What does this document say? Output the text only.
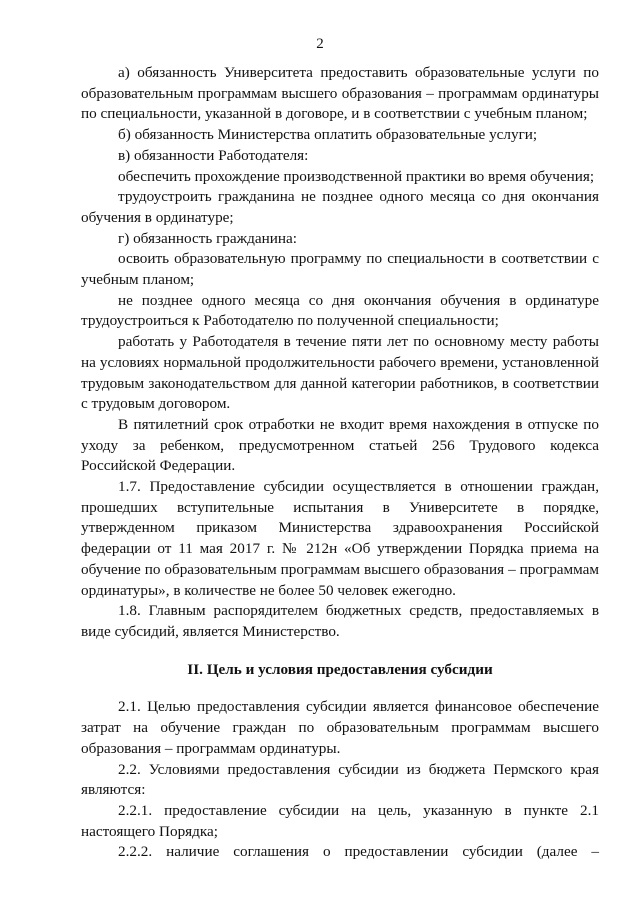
2

а) обязанность Университета предоставить образовательные услуги по образовательным программам высшего образования – программам ординатуры по специальности, указанной в договоре, и в соответствии с учебным планом;

б) обязанность Министерства оплатить образовательные услуги;

в) обязанности Работодателя:

обеспечить прохождение производственной практики во время обучения;

трудоустроить гражданина не позднее одного месяца со дня окончания обучения в ординатуре;

г) обязанность гражданина:

освоить образовательную программу по специальности в соответствии с учебным планом;

не позднее одного месяца со дня окончания обучения в ординатуре трудоустроиться к Работодателю по полученной специальности;

работать у Работодателя в течение пяти лет по основному месту работы на условиях нормальной продолжительности рабочего времени, установленной трудовым законодательством для данной категории работников, в соответствии с трудовым договором.

В пятилетний срок отработки не входит время нахождения в отпуске по уходу за ребенком, предусмотренном статьей 256 Трудового кодекса Российской Федерации.

1.7. Предоставление субсидии осуществляется в отношении граждан, прошедших вступительные испытания в Университете в порядке, утвержденном приказом Министерства здравоохранения Российской федерации от 11 мая 2017 г. № 212н «Об утверждении Порядка приема на обучение по образовательным программам высшего образования – программам ординатуры», в количестве не более 50 человек ежегодно.

1.8. Главным распорядителем бюджетных средств, предоставляемых в виде субсидий, является Министерство.

II. Цель и условия предоставления субсидии

2.1. Целью предоставления субсидии является финансовое обеспечение затрат на обучение граждан по образовательным программам высшего образования – программам ординатуры.

2.2. Условиями предоставления субсидии из бюджета Пермского края являются:

2.2.1. предоставление субсидии на цель, указанную в пункте 2.1 настоящего Порядка;

2.2.2. наличие соглашения о предоставлении субсидии (далее –
